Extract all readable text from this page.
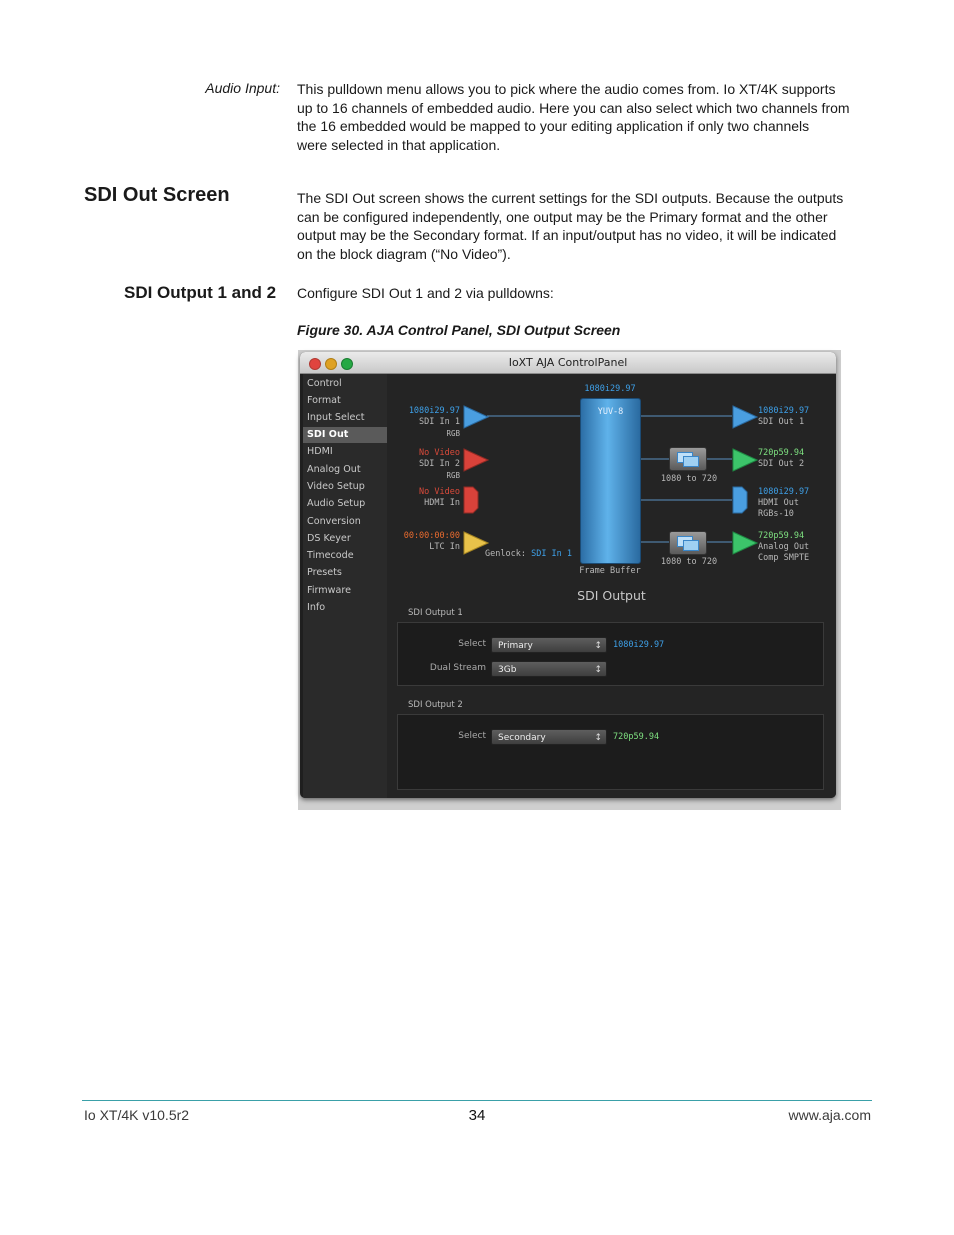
Audio Input: This pulldown menu allows you to pick where the audio comes from. Io XT/4K supports
up to 16 channels of embedded audio. Here you can also select which two channels from
the 16 embedded would be mapped to your editing application if only two channels
were selected in that application.
SDI Out Screen	The SDI Out screen shows the current settings for the SDI outputs. Because the outputs
can be configured independently, one output may be the Primary format and the other
output may be the Secondary format. If an input/output has no video, it will be indicated
on the block diagram (“No Video”).
SDI Output 1 and 2 Configure SDI Out 1 and 2 via pulldowns:
Figure 30. AJA Control Panel, SDI Output Screen
IoXT AJA ControlPanel
Control
Format
Input Select
SDI Out
HDMI
Analog Out
Video Setup
Audio Setup
Conversion
DS Keyer
Timecode
Presets
Firmware
Info
1080i29.97
YUV-8
Frame Buffer
1080i29.97
SDI In 1
RGB
No Video
SDI In 2
RGB
No Video
HDMI In
00:00:00:00
LTC In
Genlock: SDI In 1
1080 to 720
1080 to 720
1080i29.97
SDI Out 1
720p59.94
SDI Out 2
1080i29.97
HDMI Out
RGBs-10
720p59.94
Analog Out
Comp SMPTE
SDI Output
SDI Output 1
Select	Primary ↕	1080i29.97
Dual Stream	3Gb ↕
SDI Output 2
Select	Secondary ↕	720p59.94
Io XT/4K v10.5r2	34	www.aja.com
